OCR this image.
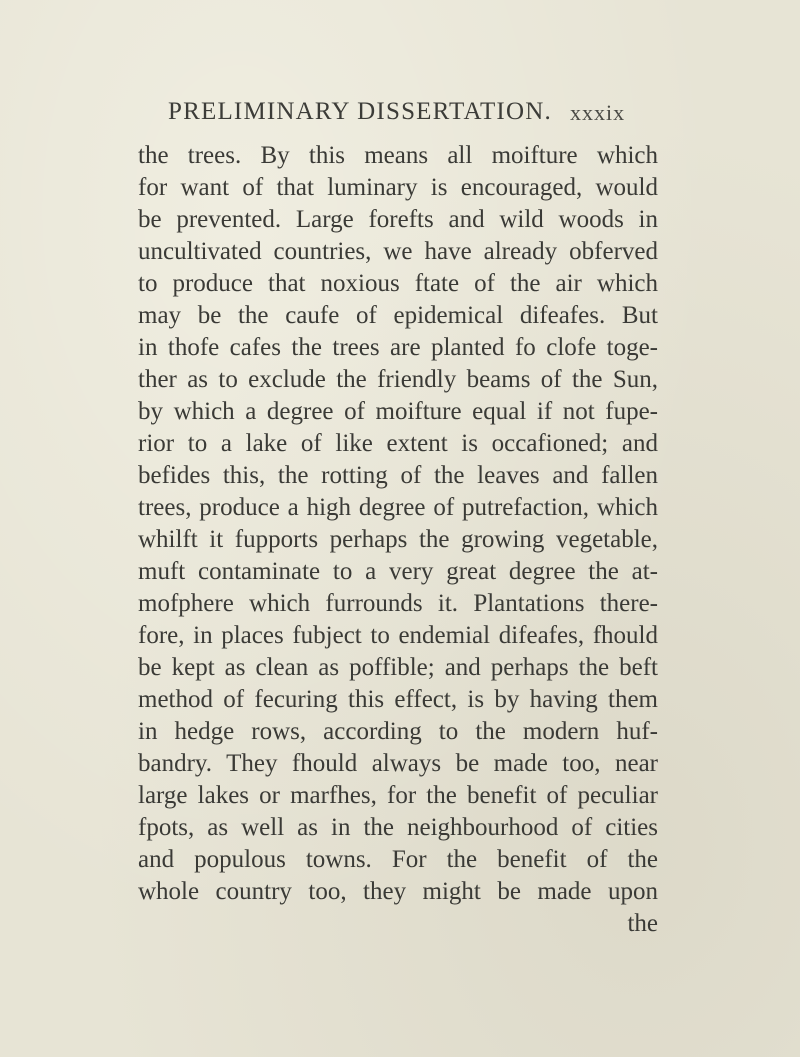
PRELIMINARY DISSERTATION. xxxix
the trees. By this means all moifture which
for want of that luminary is encouraged, would
be prevented. Large forefts and wild woods in
uncultivated countries, we have already obferved
to produce that noxious ftate of the air which
may be the caufe of epidemical difeafes. But
in thofe cafes the trees are planted fo clofe toge-
ther as to exclude the friendly beams of the Sun,
by which a degree of moifture equal if not fupe-
rior to a lake of like extent is occafioned; and
befides this, the rotting of the leaves and fallen
trees, produce a high degree of putrefaction, which
whilft it fupports perhaps the growing vegetable,
muft contaminate to a very great degree the at-
mofphere which furrounds it. Plantations there-
fore, in places fubject to endemial difeafes, fhould
be kept as clean as poffible; and perhaps the beft
method of fecuring this effect, is by having them
in hedge rows, according to the modern huf-
bandry. They fhould always be made too, near
large lakes or marfhes, for the benefit of peculiar
fpots, as well as in the neighbourhood of cities
and populous towns. For the benefit of the
whole country too, they might be made upon
the
